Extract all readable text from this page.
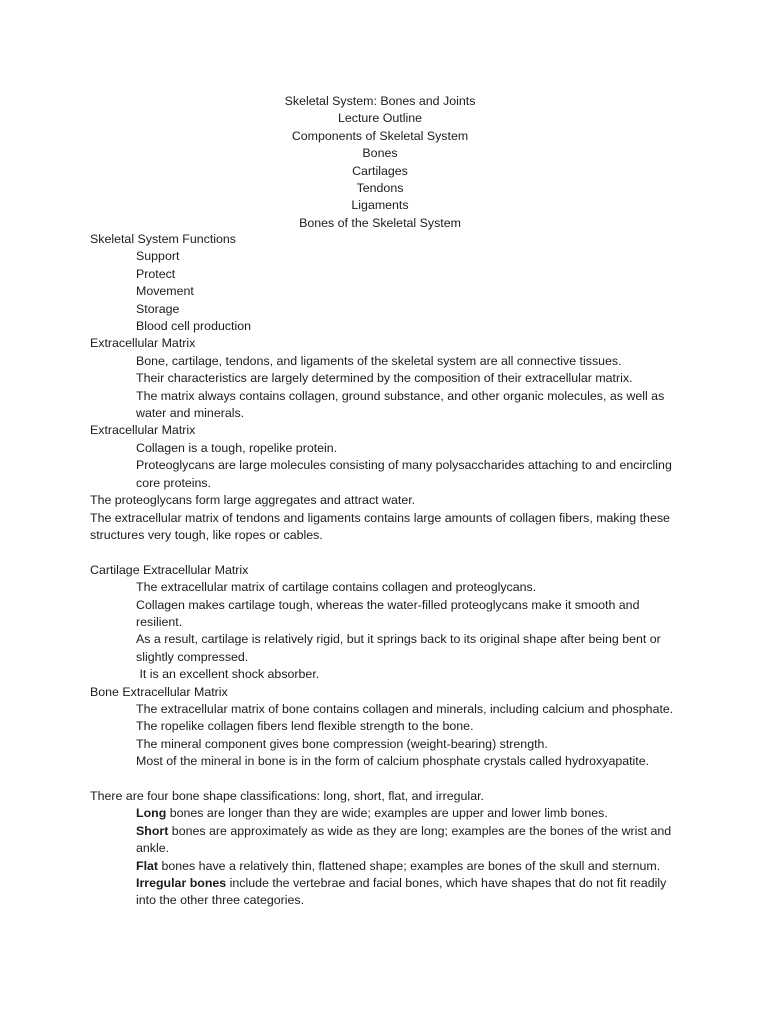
Skeletal System: Bones and Joints
Lecture Outline
Components of Skeletal System
Bones
Cartilages
Tendons
Ligaments
Bones of the Skeletal System
Skeletal System Functions
Support
Protect
Movement
Storage
Blood cell production
Extracellular Matrix
Bone, cartilage, tendons, and ligaments of the skeletal system are all connective tissues.
Their characteristics are largely determined by the composition of their extracellular matrix.
The matrix always contains collagen, ground substance, and other organic molecules, as well as water and minerals.
Extracellular Matrix
Collagen is a tough, ropelike protein.
Proteoglycans are large molecules consisting of many polysaccharides attaching to and encircling core proteins.
The proteoglycans form large aggregates and attract water.
The extracellular matrix of tendons and ligaments contains large amounts of collagen fibers, making these structures very tough, like ropes or cables.
Cartilage Extracellular Matrix
The extracellular matrix of cartilage contains collagen and proteoglycans.
Collagen makes cartilage tough, whereas the water-filled proteoglycans make it smooth and resilient.
As a result, cartilage is relatively rigid, but it springs back to its original shape after being bent or slightly compressed.
It is an excellent shock absorber.
Bone Extracellular Matrix
The extracellular matrix of bone contains collagen and minerals, including calcium and phosphate.
The ropelike collagen fibers lend flexible strength to the bone.
The mineral component gives bone compression (weight-bearing) strength.
Most of the mineral in bone is in the form of calcium phosphate crystals called hydroxyapatite.
There are four bone shape classifications: long, short, flat, and irregular.
Long bones are longer than they are wide; examples are upper and lower limb bones.
Short bones are approximately as wide as they are long; examples are the bones of the wrist and ankle.
Flat bones have a relatively thin, flattened shape; examples are bones of the skull and sternum.
Irregular bones include the vertebrae and facial bones, which have shapes that do not fit readily into the other three categories.
